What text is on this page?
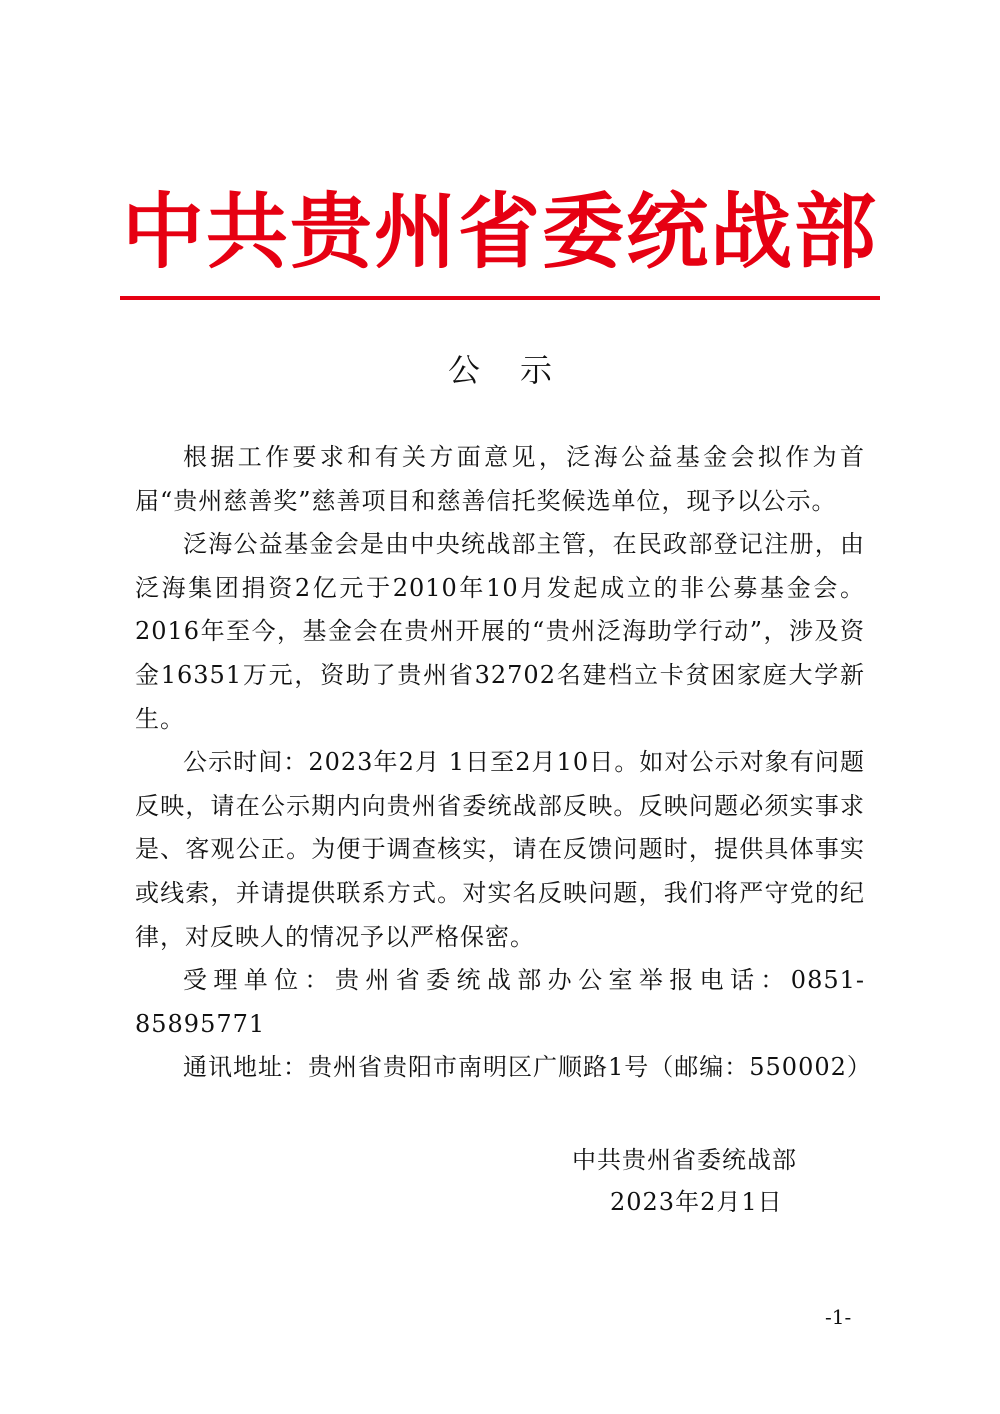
中共贵州省委统战部
公示

根据工作要求和有关方面意见，泛海公益基金会拟作为首届“贵州慈善奖”慈善项目和慈善信托奖候选单位，现予以公示。

泛海公益基金会是由中央统战部主管，在民政部登记注册，由泛海集团捐资2亿元于2010年10月发起成立的非公募基金会。2016年至今，基金会在贵州开展的“贵州泛海助学行动”，涉及资金16351万元，资助了贵州省32702名建档立卡贫困家庭大学新生。

公示时间：2023年2月 1日至2月10日。如对公示对象有问题反映，请在公示期内向贵州省委统战部反映。反映问题必须实事求是、客观公正。为便于调查核实，请在反馈问题时，提供具体事实或线索，并请提供联系方式。对实名反映问题，我们将严守党的纪律，对反映人的情况予以严格保密。

受理单位：贵州省委统战部办公室举报电话：0851-85895771

通讯地址：贵州省贵阳市南明区广顺路1号（邮编：550002）

中共贵州省委统战部
2023年2月1日
-1-
